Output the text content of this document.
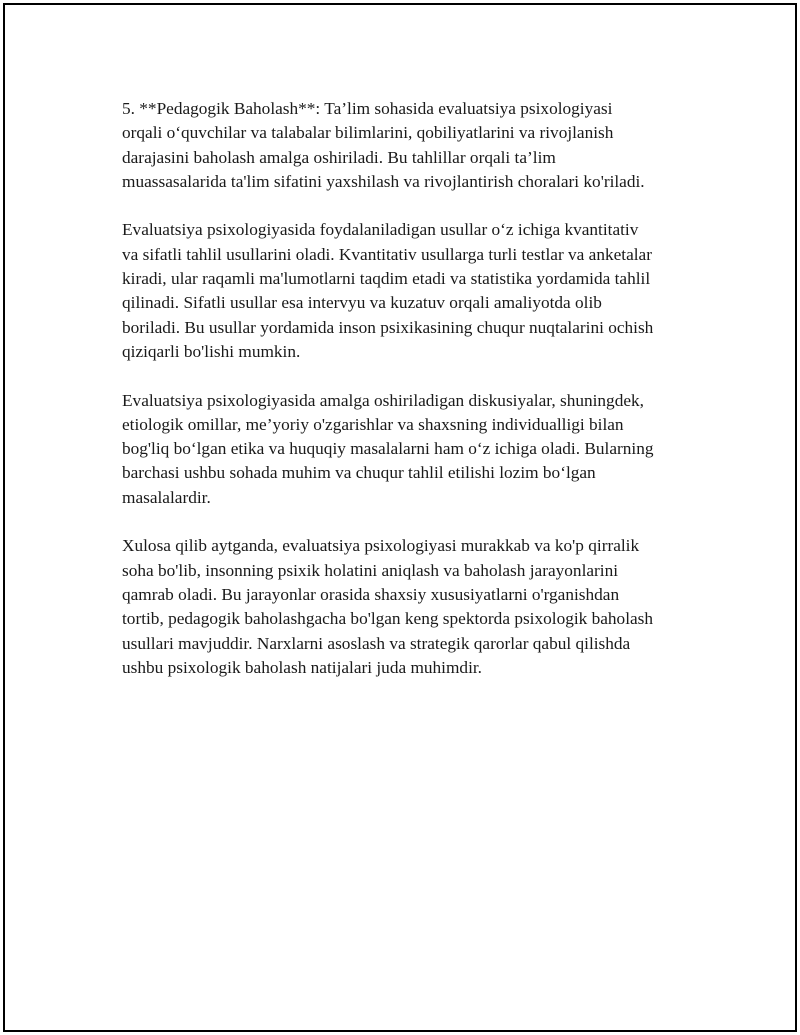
5. **Pedagogik Baholash**: Ta’lim sohasida evaluatsiya psixologiyasi
orqali o‘quvchilar va talabalar bilimlarini, qobiliyatlarini va rivojlanish
darajasini baholash amalga oshiriladi. Bu tahlillar orqali ta’lim
muassasalarida ta'lim sifatini yaxshilash va rivojlantirish choralari ko'riladi.

Evaluatsiya psixologiyasida foydalaniladigan usullar o‘z ichiga kvantitativ
va sifatli tahlil usullarini oladi. Kvantitativ usullarga turli testlar va anketalar
kiradi, ular raqamli ma'lumotlarni taqdim etadi va statistika yordamida tahlil
qilinadi. Sifatli usullar esa intervyu va kuzatuv orqali amaliyotda olib
boriladi. Bu usullar yordamida inson psixikasining chuqur nuqtalarini ochish
qiziqarli bo'lishi mumkin.

Evaluatsiya psixologiyasida amalga oshiriladigan diskusiyalar, shuningdek,
etiologik omillar, me’yoriy o'zgarishlar va shaxsning individualligi bilan
bog'liq bo‘lgan etika va huquqiy masalalarni ham o‘z ichiga oladi. Bularning
barchasi ushbu sohada muhim va chuqur tahlil etilishi lozim bo‘lgan
masalalardir.

Xulosa qilib aytganda, evaluatsiya psixologiyasi murakkab va ko'p qirralik
soha bo'lib, insonning psixik holatini aniqlash va baholash jarayonlarini
qamrab oladi. Bu jarayonlar orasida shaxsiy xususiyatlarni o'rganishdan
tortib, pedagogik baholashgacha bo'lgan keng spektorda psixologik baholash
usullari mavjuddir. Narxlarni asoslash va strategik qarorlar qabul qilishda
ushbu psixologik baholash natijalari juda muhimdir.
